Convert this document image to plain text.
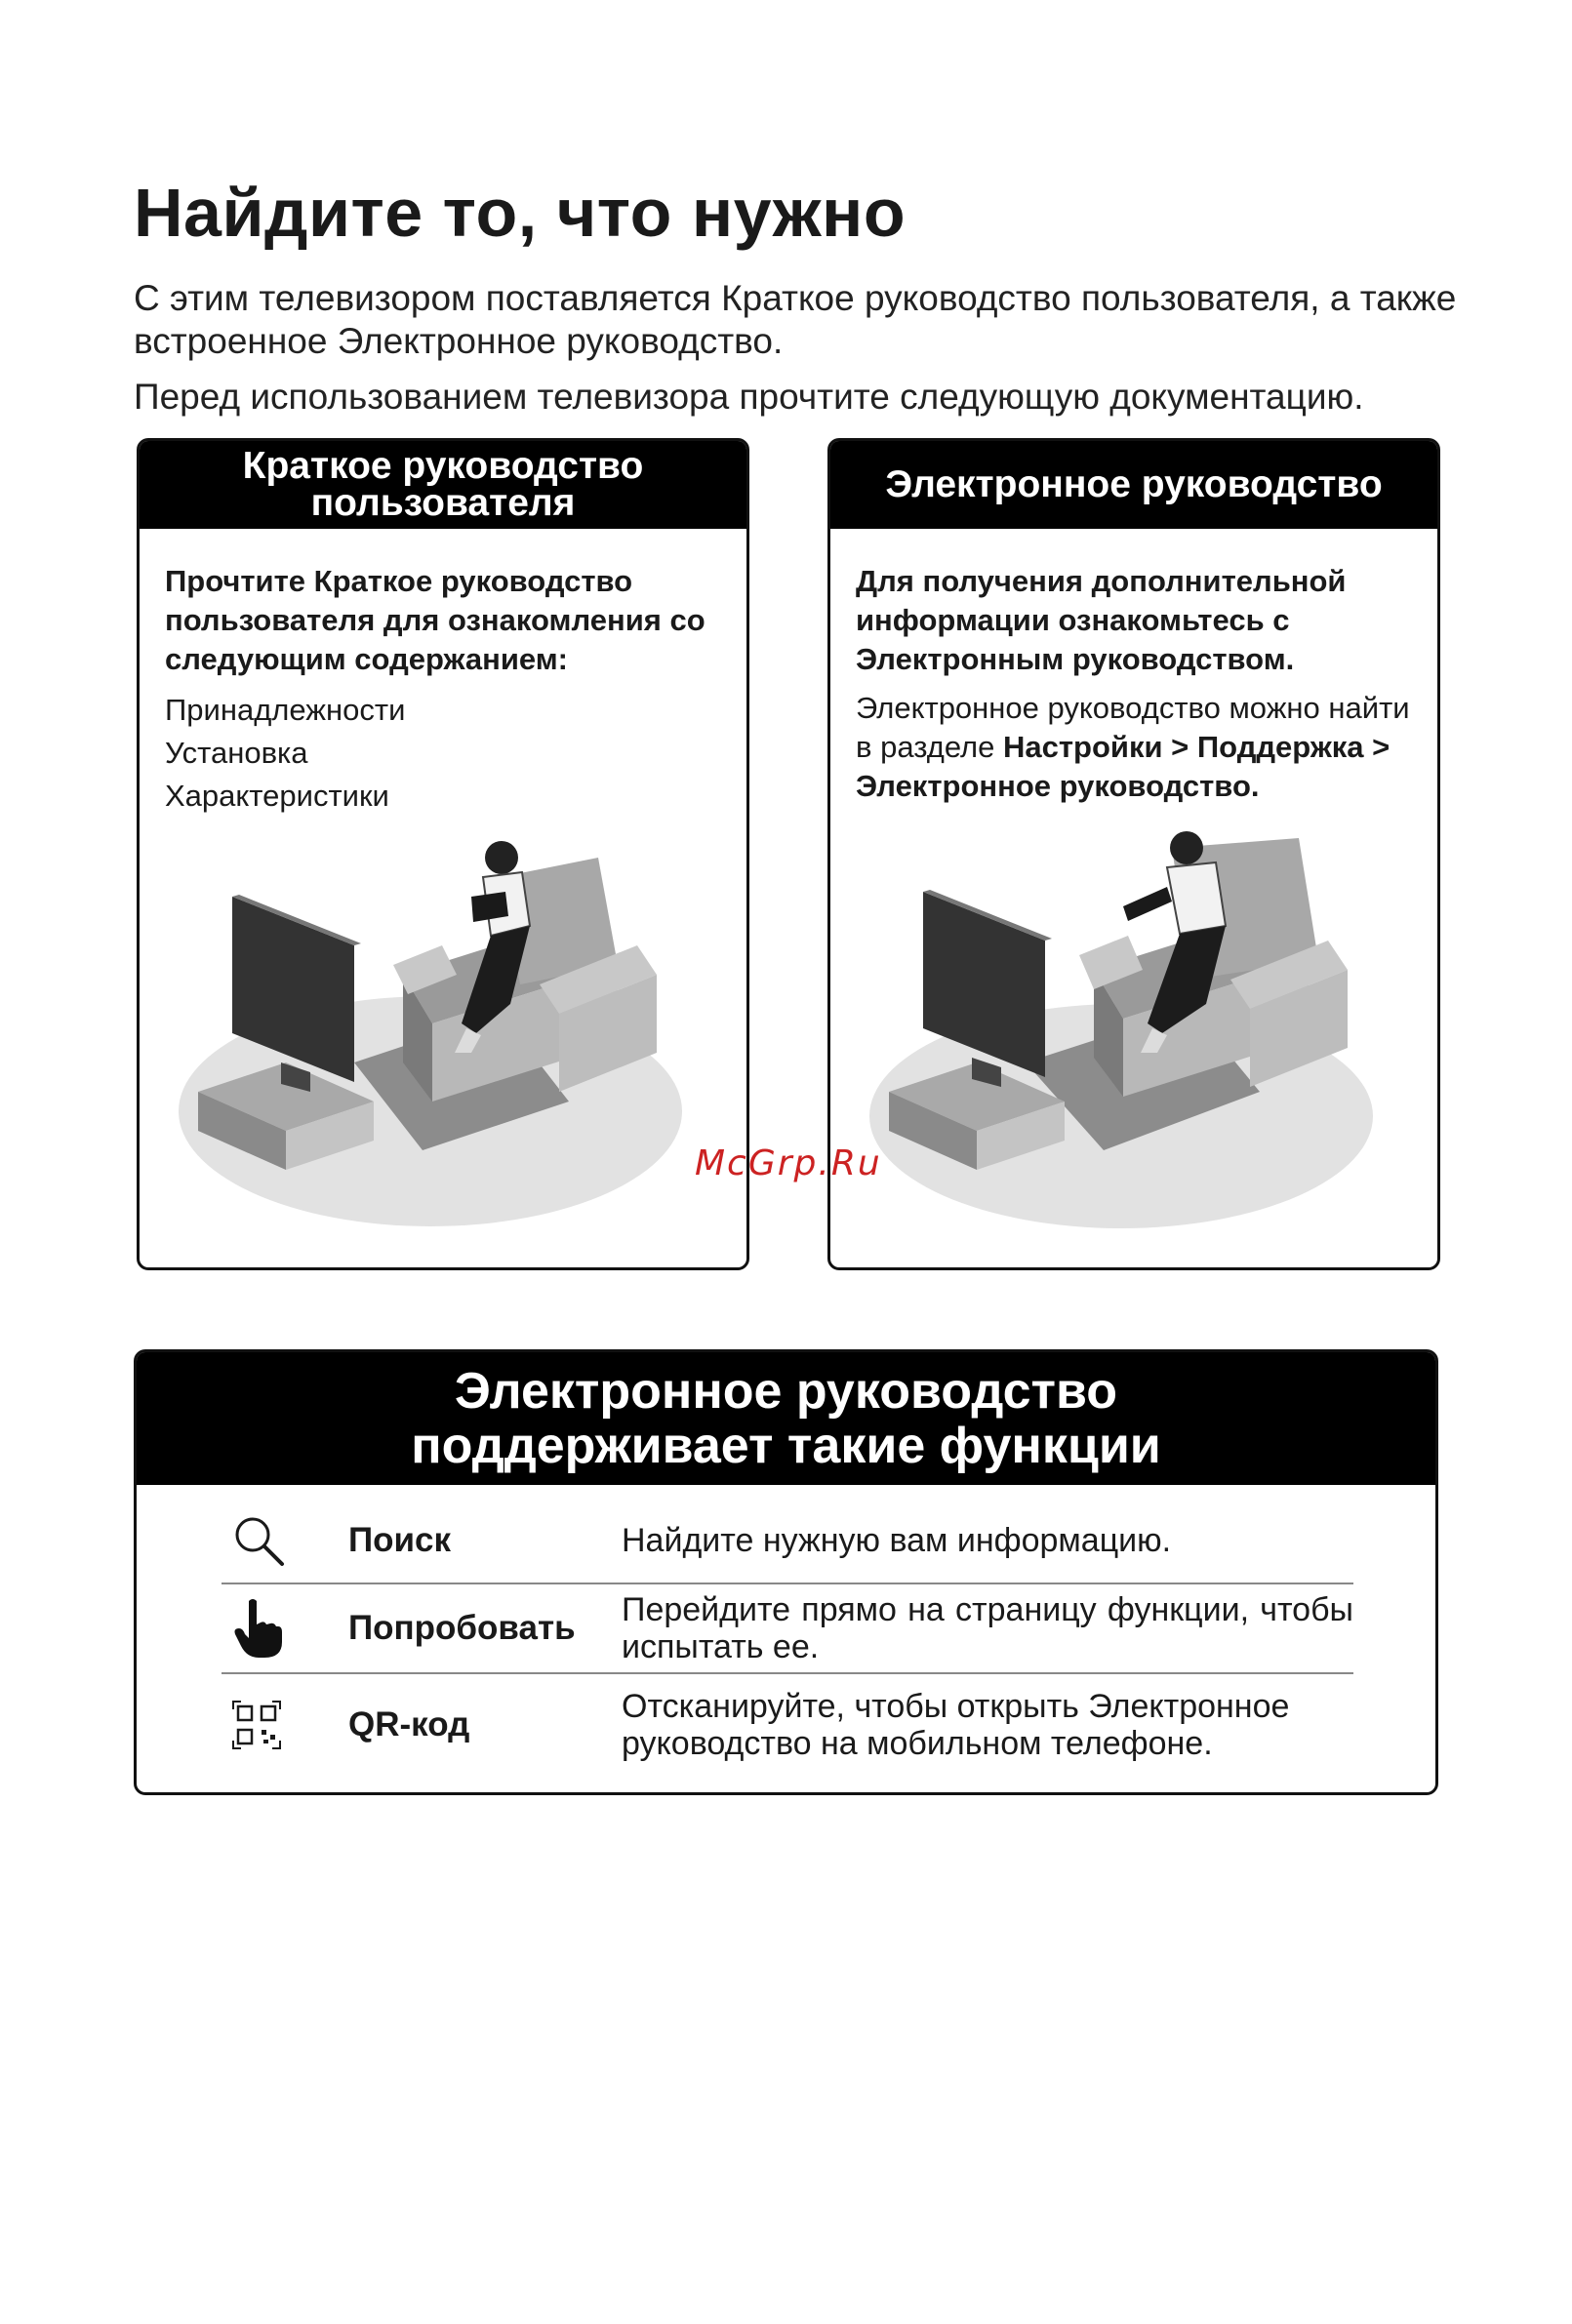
Найдите то, что нужно

С этим телевизором поставляется Краткое руководство пользователя, а также встроенное Электронное руководство.

Перед использованием телевизора прочтите следующую документацию.

Краткое руководство
пользователя

Прочтите Краткое руководство пользователя для ознакомления со следующим содержанием:

Принадлежности

Установка

Характеристики

Электронное руководство

Для получения дополнительной информации ознакомьтесь с Электронным руководством.

Электронное руководство можно найти в разделе Настройки > Поддержка > Электронное руководство.

McGrp.Ru
Электронное руководство
поддерживает такие функции
Поиск	Найдите нужную вам информацию.
Попробовать	Перейдите прямо на страницу функции, чтобы испытать ее.
QR-код	Отсканируйте, чтобы открыть Электронное руководство на мобильном телефоне.
